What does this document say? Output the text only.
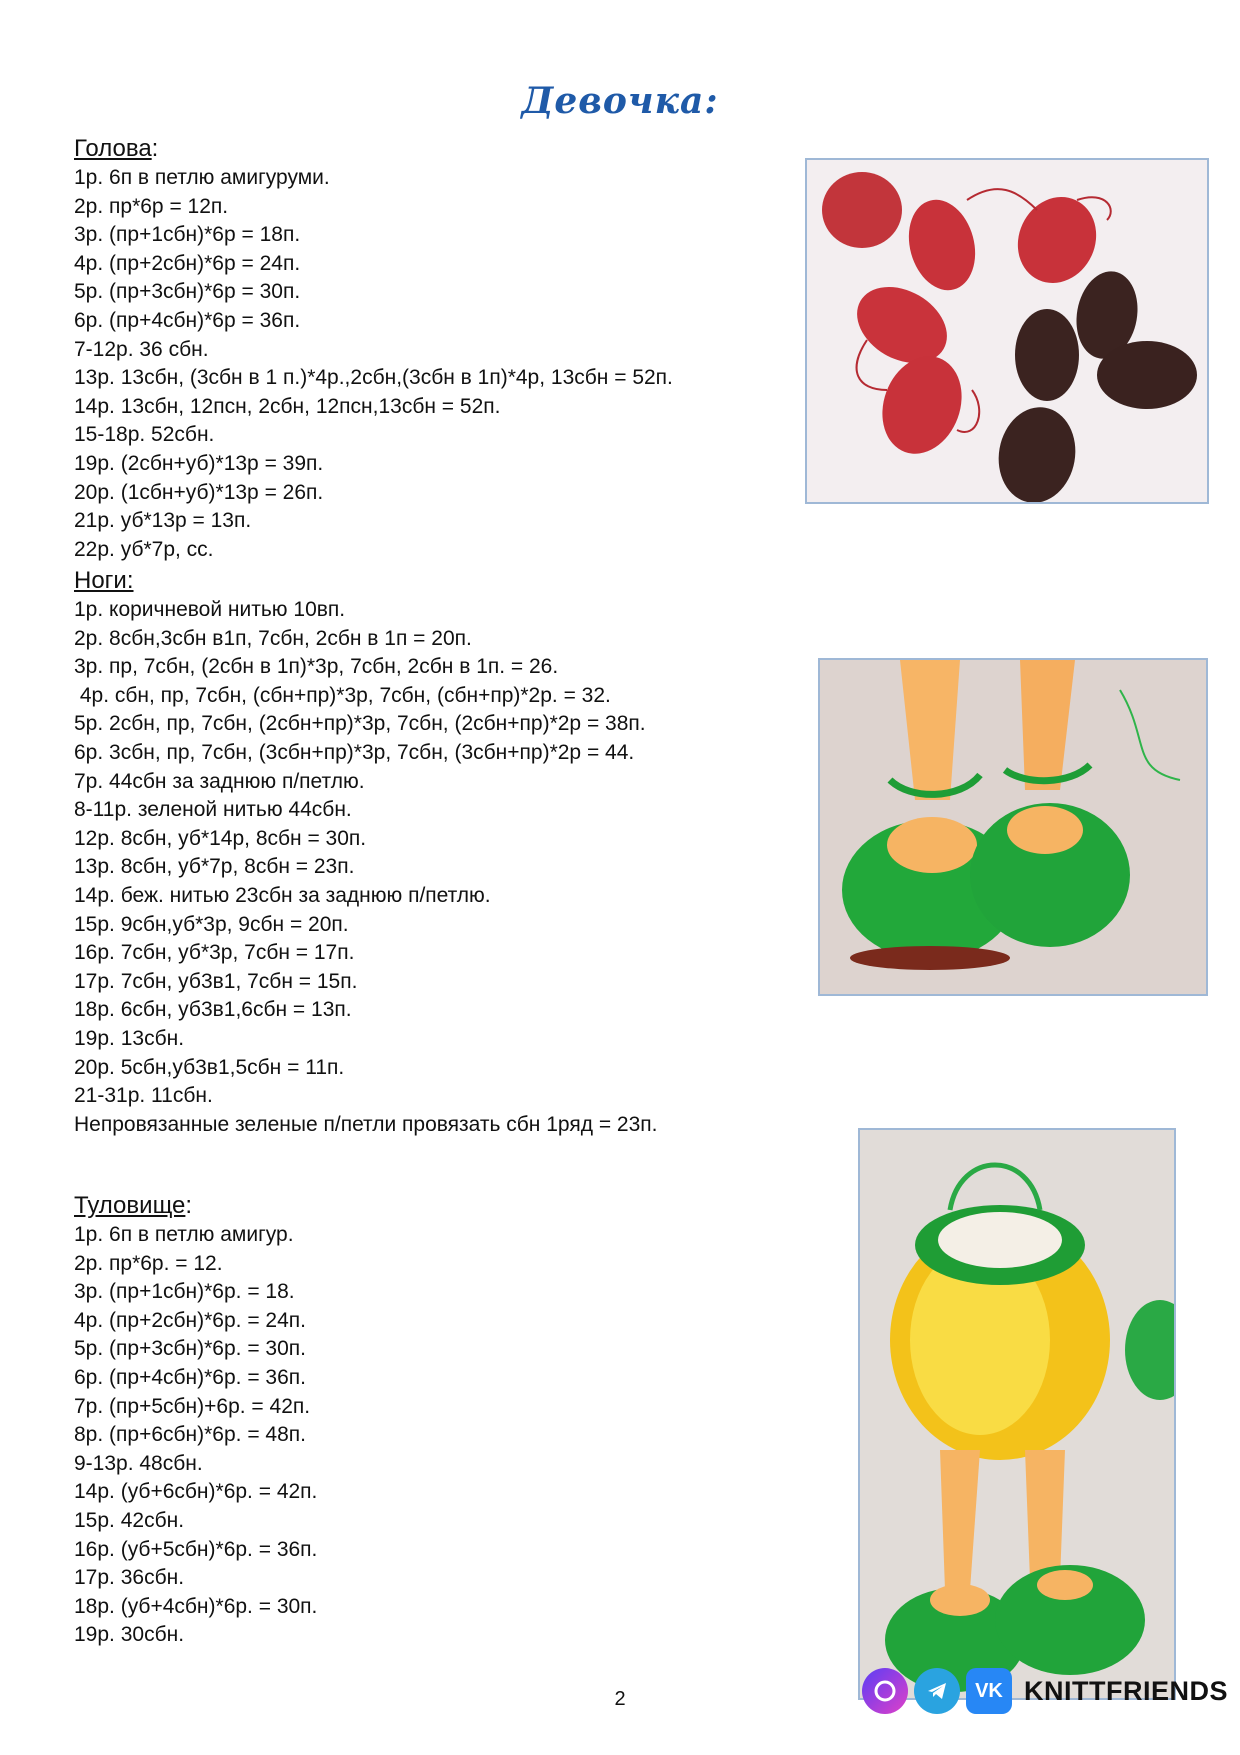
Девочка:
Голова:
1р. 6п в петлю амигуруми.
2р. пр*6р = 12п.
3р. (пр+1сбн)*6р = 18п.
4р. (пр+2сбн)*6р = 24п.
5р. (пр+3сбн)*6р = 30п.
6р. (пр+4сбн)*6р = 36п.
7-12р. 36 сбн.
13р. 13сбн, (3сбн в 1 п.)*4р.,2сбн,(3сбн в 1п)*4р, 13сбн = 52п.
14р. 13сбн, 12псн, 2сбн, 12псн,13сбн = 52п.
15-18р. 52сбн.
19р. (2сбн+уб)*13р = 39п.
20р. (1сбн+уб)*13р = 26п.
21р. уб*13р = 13п.
22р. уб*7р, сс.
Ноги:
1р. коричневой нитью 10вп.
2р. 8сбн,3сбн в1п, 7сбн, 2сбн в 1п = 20п.
3р. пр, 7сбн, (2сбн в 1п)*3р, 7сбн, 2сбн в 1п. = 26.
4р. сбн, пр, 7сбн, (сбн+пр)*3р, 7сбн, (сбн+пр)*2р. = 32.
5р. 2сбн, пр, 7сбн, (2сбн+пр)*3р, 7сбн, (2сбн+пр)*2р = 38п.
6р. 3сбн, пр, 7сбн, (3сбн+пр)*3р, 7сбн, (3сбн+пр)*2р = 44.
7р. 44сбн за заднюю п/петлю.
8-11р. зеленой нитью 44сбн.
12р. 8сбн, уб*14р, 8сбн = 30п.
13р. 8сбн, уб*7р, 8сбн = 23п.
14р. беж. нитью 23сбн за заднюю п/петлю.
15р. 9сбн,уб*3р, 9сбн = 20п.
16р. 7сбн, уб*3р, 7сбн = 17п.
17р. 7сбн, уб3в1, 7сбн = 15п.
18р. 6сбн, уб3в1,6сбн = 13п.
19р. 13сбн.
20р. 5сбн,уб3в1,5сбн = 11п.
21-31р. 11сбн.
Непровязанные зеленые п/петли провязать сбн 1ряд = 23п.
Туловище:
1р. 6п в петлю амигур.
2р. пр*6р. = 12.
3р. (пр+1сбн)*6р. = 18.
4р. (пр+2сбн)*6р. = 24п.
5р. (пр+3сбн)*6р. = 30п.
6р. (пр+4сбн)*6р. = 36п.
7р. (пр+5сбн)+6р. = 42п.
8р. (пр+6сбн)*6р. = 48п.
9-13р. 48сбн.
14р. (уб+6сбн)*6р. = 42п.
15р. 42сбн.
16р. (уб+5сбн)*6р. = 36п.
17р. 36сбн.
18р. (уб+4сбн)*6р. = 30п.
19р. 30сбн.
2	VK KNITTFRIENDS
